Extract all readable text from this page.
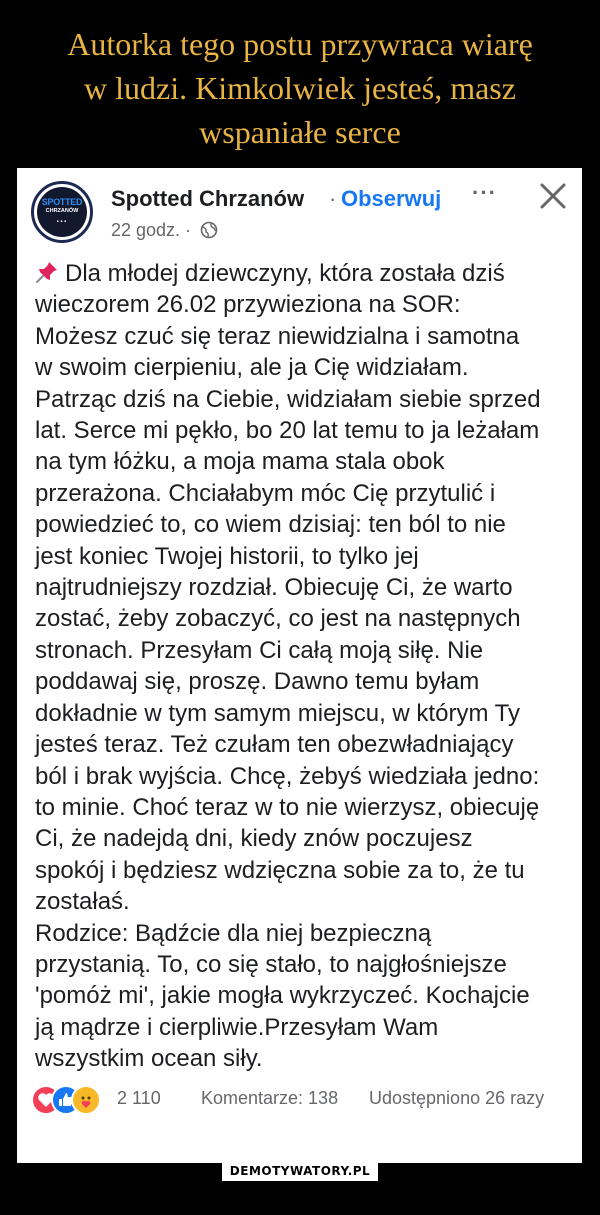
Autorka tego postu przywraca wiarę
w ludzi. Kimkolwiek jesteś, masz
wspaniałe serce
SPOTTED
CHRZANÓW
...
Spotted Chrzanów · Obserwuj ···
22 godz. ·
Dla młodej dziewczyny, która została dziś
wieczorem 26.02 przywieziona na SOR:
Możesz czuć się teraz niewidzialna i samotna
w swoim cierpieniu, ale ja Cię widziałam.
Patrząc dziś na Ciebie, widziałam siebie sprzed
lat. Serce mi pękło, bo 20 lat temu to ja leżałam
na tym łóżku, a moja mama stala obok
przerażona. Chciałabym móc Cię przytulić i
powiedzieć to, co wiem dzisiaj: ten ból to nie
jest koniec Twojej historii, to tylko jej
najtrudniejszy rozdział. Obiecuję Ci, że warto
zostać, żeby zobaczyć, co jest na następnych
stronach. Przesyłam Ci całą moją siłę. Nie
poddawaj się, proszę. Dawno temu byłam
dokładnie w tym samym miejscu, w którym Ty
jesteś teraz. Też czułam ten obezwładniający
ból i brak wyjścia. Chcę, żebyś wiedziała jedno:
to minie. Choć teraz w to nie wierzysz, obiecuję
Ci, że nadejdą dni, kiedy znów poczujesz
spokój i będziesz wdzięczna sobie za to, że tu
zostałaś.
Rodzice: Bądźcie dla niej bezpieczną
przystanią. To, co się stało, to najgłośniejsze
'pomóż mi', jakie mogła wykrzyczeć. Kochajcie
ją mądrze i cierpliwie.Przesyłam Wam
wszystkim ocean siły.
2 110 Komentarze: 138 Udostępniono 26 razy
DEMOTYWATORY.PL
